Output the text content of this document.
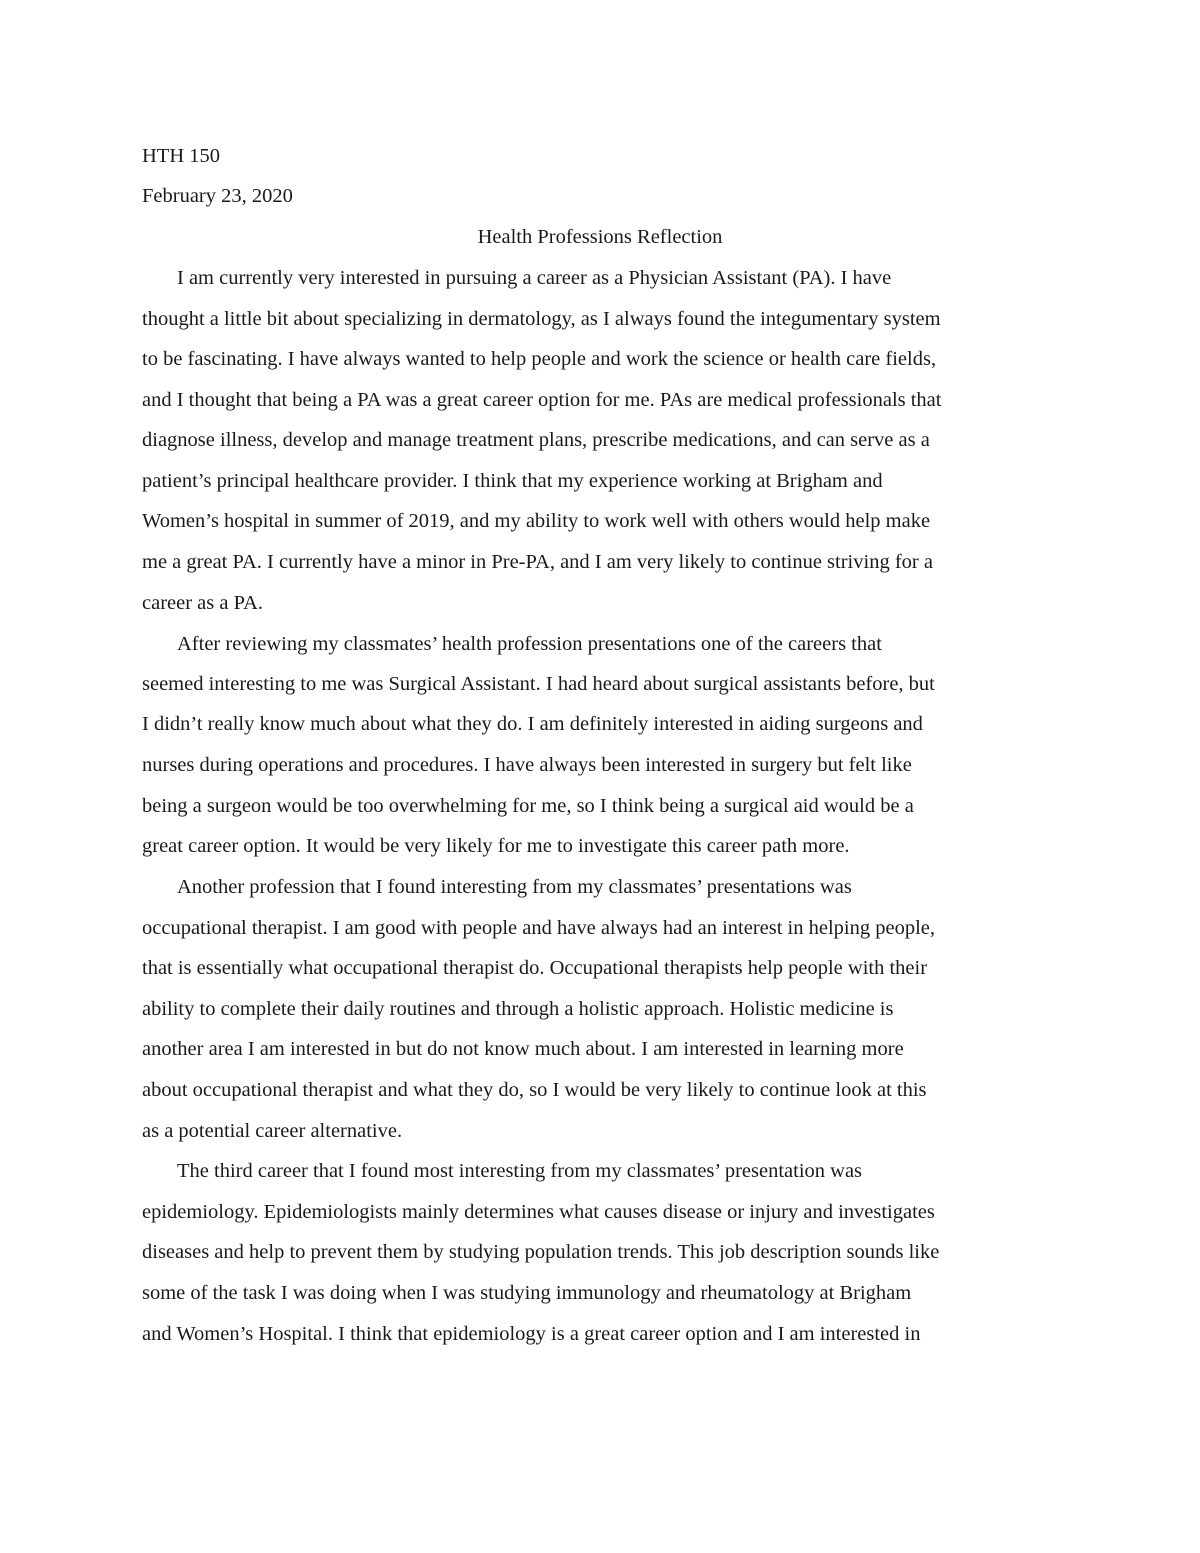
HTH 150
February 23, 2020
Health Professions Reflection
I am currently very interested in pursuing a career as a Physician Assistant (PA). I have
thought a little bit about specializing in dermatology, as I always found the integumentary system
to be fascinating. I have always wanted to help people and work the science or health care fields,
and I thought that being a PA was a great career option for me. PAs are medical professionals that
diagnose illness, develop and manage treatment plans, prescribe medications, and can serve as a
patient’s principal healthcare provider. I think that my experience working at Brigham and
Women’s hospital in summer of 2019, and my ability to work well with others would help make
me a great PA. I currently have a minor in Pre-PA, and I am very likely to continue striving for a
career as a PA.
After reviewing my classmates’ health profession presentations one of the careers that
seemed interesting to me was Surgical Assistant. I had heard about surgical assistants before, but
I didn’t really know much about what they do. I am definitely interested in aiding surgeons and
nurses during operations and procedures. I have always been interested in surgery but felt like
being a surgeon would be too overwhelming for me, so I think being a surgical aid would be a
great career option. It would be very likely for me to investigate this career path more.
Another profession that I found interesting from my classmates’ presentations was
occupational therapist. I am good with people and have always had an interest in helping people,
that is essentially what occupational therapist do. Occupational therapists help people with their
ability to complete their daily routines and through a holistic approach. Holistic medicine is
another area I am interested in but do not know much about. I am interested in learning more
about occupational therapist and what they do, so I would be very likely to continue look at this
as a potential career alternative.
The third career that I found most interesting from my classmates’ presentation was
epidemiology. Epidemiologists mainly determines what causes disease or injury and investigates
diseases and help to prevent them by studying population trends. This job description sounds like
some of the task I was doing when I was studying immunology and rheumatology at Brigham
and Women’s Hospital. I think that epidemiology is a great career option and I am interested in
